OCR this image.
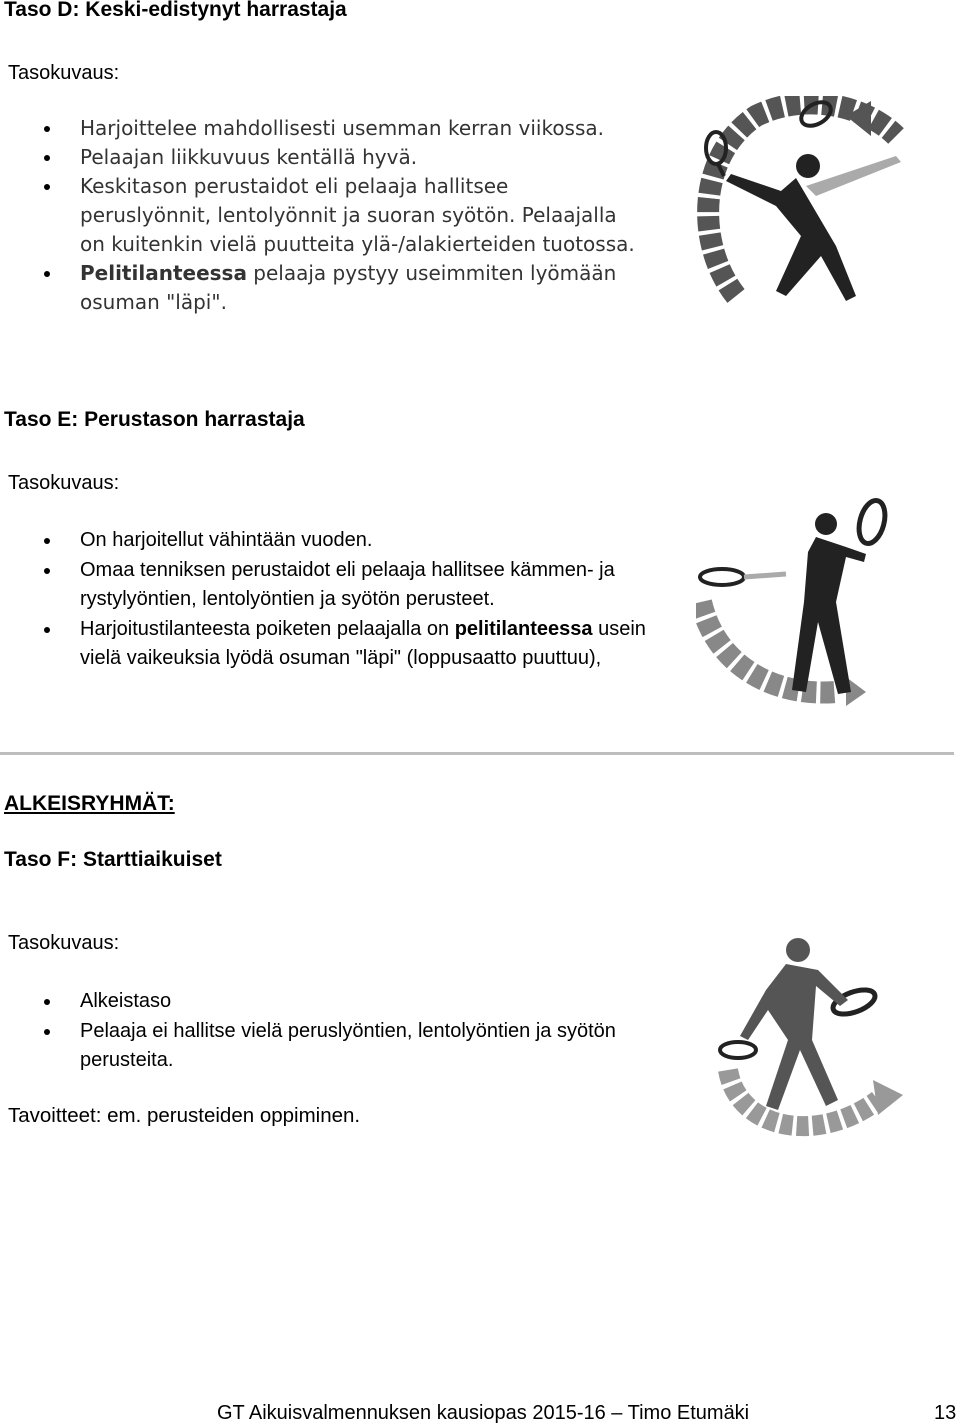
Taso D: Keski-edistynyt harrastaja
Tasokuvaus:
Harjoittelee mahdollisesti usemman kerran viikossa.
Pelaajan liikkuvuus kentällä hyvä.
Keskitason perustaidot eli pelaaja hallitsee peruslyönnit, lentolyönnit ja suoran syötön. Pelaajalla on kuitenkin vielä puutteita ylä-/alakierteiden tuotossa.
Pelitilanteessa pelaaja pystyy useimmiten lyömään osuman "läpi".
Taso E: Perustason harrastaja
Tasokuvaus:
On harjoitellut vähintään vuoden.
Omaa tenniksen perustaidot eli pelaaja hallitsee kämmen- ja rystylyöntien, lentolyöntien ja syötön perusteet.
Harjoitustilanteesta poiketen pelaajalla on pelitilanteessa usein vielä vaikeuksia lyödä osuman "läpi" (loppusaatto puuttuu),
ALKEISRYHMÄT:
Taso F: Starttiaikuiset
Tasokuvaus:
Alkeistaso
Pelaaja ei hallitse vielä peruslyöntien, lentolyöntien ja syötön perusteita.
Tavoitteet: em. perusteiden oppiminen.
GT Aikuisvalmennuksen kausiopas 2015-16 – Timo Etumäki	13
